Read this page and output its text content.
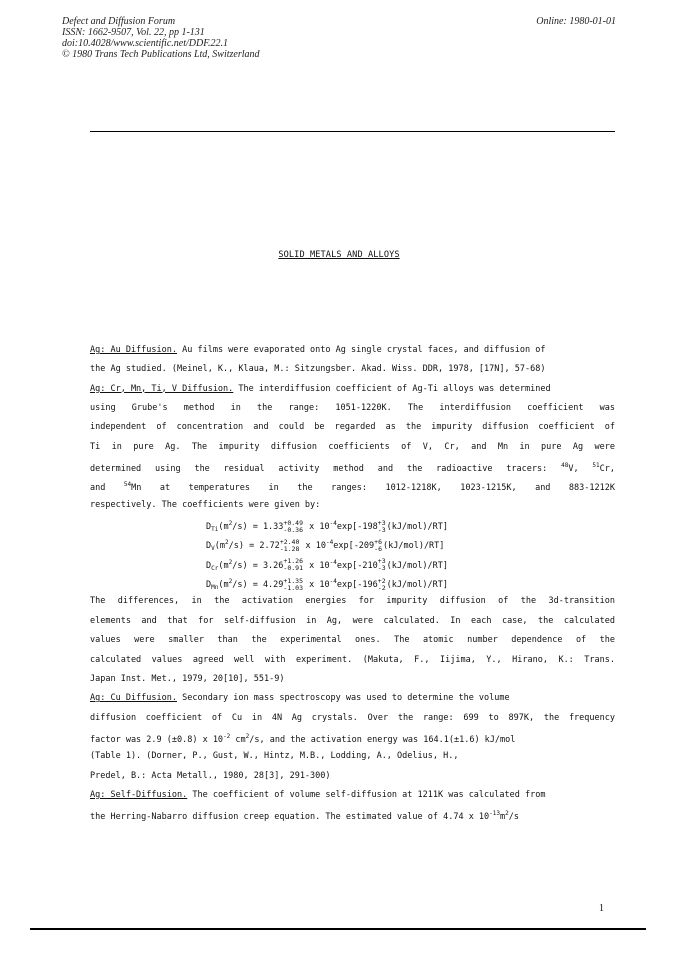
Defect and Diffusion Forum
ISSN: 1662-9507, Vol. 22, pp 1-131
doi:10.4028/www.scientific.net/DDF.22.1
© 1980 Trans Tech Publications Ltd, Switzerland
Online: 1980-01-01
SOLID METALS AND ALLOYS
Ag: Au Diffusion. Au films were evaporated onto Ag single crystal faces, and diffusion of
the Ag studied. (Meinel, K., Klaua, M.: Sitzungsber. Akad. Wiss. DDR, 1978, [17N], 57-68)
Ag: Cr, Mn, Ti, V Diffusion. The interdiffusion coefficient of Ag-Ti alloys was determined
using Grube's method in the range: 1051-1220K. The interdiffusion coefficient was
independent of concentration and could be regarded as the impurity diffusion coefficient of
Ti in pure Ag. The impurity diffusion coefficients of V, Cr, and Mn in pure Ag were
determined using the residual activity method and the radioactive tracers: $^{48}$V, $^{51}$Cr,
and $^{54}$Mn at temperatures in the ranges: 1012-1218K, 1023-1215K, and 883-1212K
respectively. The coefficients were given by:
$D_{Ti}(m^2/s) = 1.33 +0.49$
-0.36 x $10^{-4}\exp[-198 +3$
-3 (kJ/mol)/RT]
$D_V(m^2/s) = 2.72 +2.40$
-1.28 x $10^{-4}\exp[-209 +6$
-6 (kJ/mol)/RT]
$D_{Cr}(m^2/s) = 3.26 +1.26$
-0.91 x $10^{-4}\exp[-210 +3$
-3 (kJ/mol)/RT]
$D_{Mn}(m^2/s) = 4.29 +1.35$
-1.03 x $10^{-4}\exp[-196 +2$
-2 (kJ/mol)/RT]
The differences, in the activation energies for impurity diffusion of the 3d-transition
elements and that for self-diffusion in Ag, were calculated. In each case, the calculated
values were smaller than the experimental ones. The atomic number dependence of the
calculated values agreed well with experiment. (Makuta, F., Iijima, Y., Hirano, K.: Trans.
Japan Inst. Met., 1979, 20[10], 551-9)
Ag: Cu Diffusion. Secondary ion mass spectroscopy was used to determine the volume
diffusion coefficient of Cu in 4N Ag crystals. Over the range: 699 to 897K, the frequency
factor was 2.9 (±0.8) x $10^{-2}$ $cm^2/s$, and the activation energy was 164.1(±1.6) kJ/mol
(Table 1). (Dorner, P., Gust, W., Hintz, M.B., Lodding, A., Odelius, H.,
Predel, B.: Acta Metall., 1980, 28[3], 291-300)
Ag: Self-Diffusion. The coefficient of volume self-diffusion at 1211K was calculated from
the Herring-Nabarro diffusion creep equation. The estimated value of 4.74 x $10^{-13}m^2/s$
1
